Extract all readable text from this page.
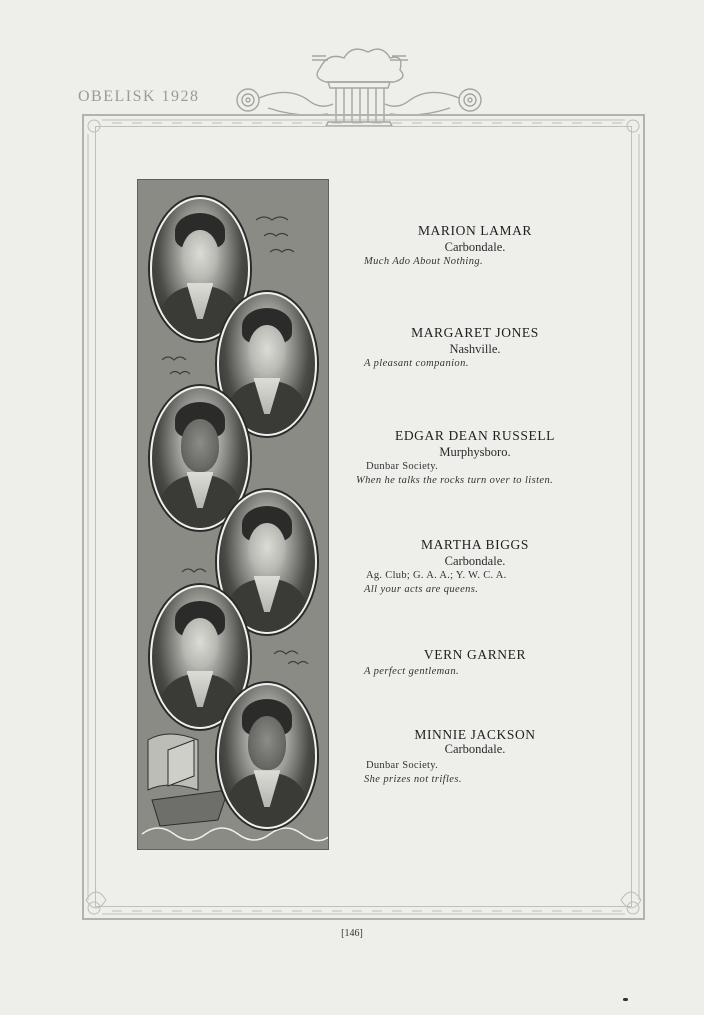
OBELISK 1928
MARION LAMAR
Carbondale.
Much Ado About Nothing.
MARGARET JONES
Nashville.
A pleasant companion.
EDGAR DEAN RUSSELL
Murphysboro.
Dunbar Society.
When he talks the rocks turn over to listen.
MARTHA BIGGS
Carbondale.
Ag. Club; G. A. A.; Y. W. C. A.
All your acts are queens.
VERN GARNER
A perfect gentleman.
MINNIE JACKSON
Carbondale.
Dunbar Society.
She prizes not trifles.
[146]
